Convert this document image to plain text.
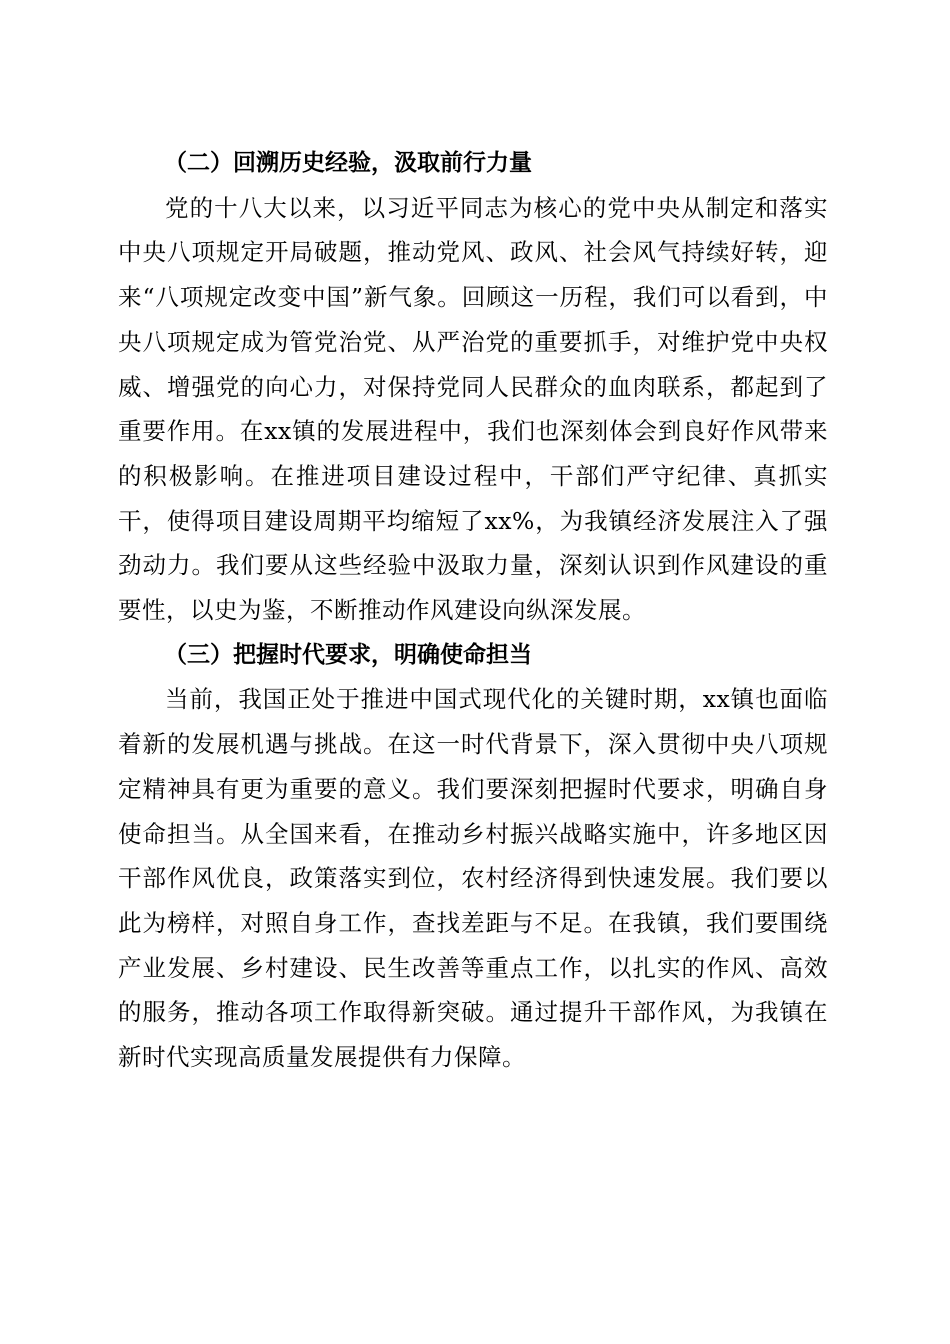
（二）回溯历史经验，汲取前行力量

党的十八大以来，以习近平同志为核心的党中央从制定和落实中央八项规定开局破题，推动党风、政风、社会风气持续好转，迎来“八项规定改变中国”新气象。回顾这一历程，我们可以看到，中央八项规定成为管党治党、从严治党的重要抓手，对维护党中央权威、增强党的向心力，对保持党同人民群众的血肉联系，都起到了重要作用。在xx镇的发展进程中，我们也深刻体会到良好作风带来的积极影响。在推进项目建设过程中，干部们严守纪律、真抓实干，使得项目建设周期平均缩短了xx%，为我镇经济发展注入了强劲动力。我们要从这些经验中汲取力量，深刻认识到作风建设的重要性，以史为鉴，不断推动作风建设向纵深发展。

（三）把握时代要求，明确使命担当

当前，我国正处于推进中国式现代化的关键时期，xx镇也面临着新的发展机遇与挑战。在这一时代背景下，深入贯彻中央八项规定精神具有更为重要的意义。我们要深刻把握时代要求，明确自身使命担当。从全国来看，在推动乡村振兴战略实施中，许多地区因干部作风优良，政策落实到位，农村经济得到快速发展。我们要以此为榜样，对照自身工作，查找差距与不足。在我镇，我们要围绕产业发展、乡村建设、民生改善等重点工作，以扎实的作风、高效的服务，推动各项工作取得新突破。通过提升干部作风，为我镇在新时代实现高质量发展提供有力保障。
